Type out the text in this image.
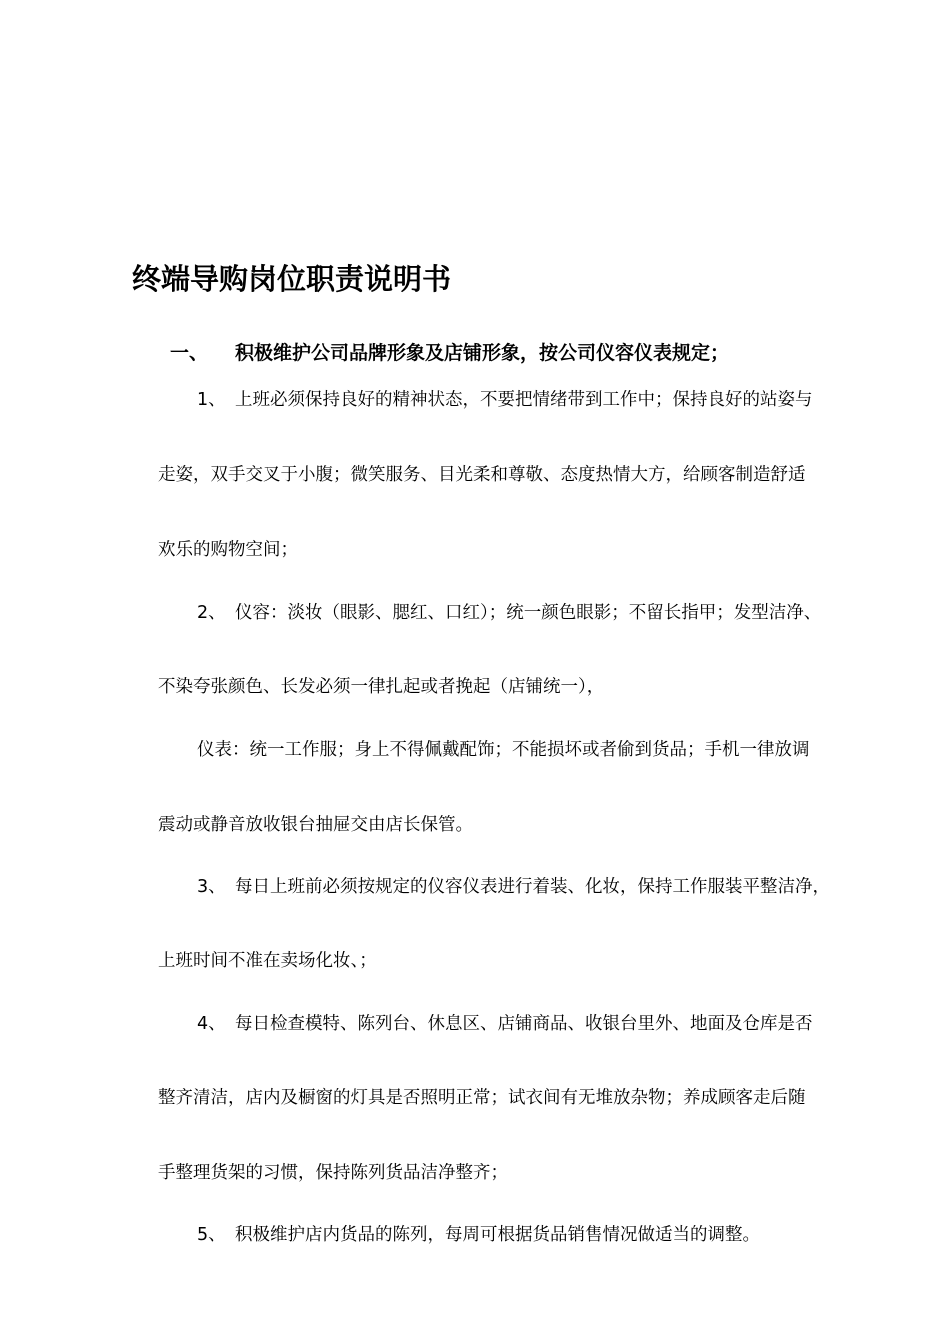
终端导购岗位职责说明书
一、 积极维护公司品牌形象及店铺形象，按公司仪容仪表规定；
1、 上班必须保持良好的精神状态，不要把情绪带到工作中；保持良好的站姿与
走姿，双手交叉于小腹；微笑服务、目光柔和尊敬、态度热情大方，给顾客制造舒适
欢乐的购物空间；
2、 仪容：淡妆（眼影、腮红、口红）；统一颜色眼影；不留长指甲；发型洁净、
不染夸张颜色、长发必须一律扎起或者挽起（店铺统一），
仪表：统一工作服；身上不得佩戴配饰；不能损坏或者偷到货品；手机一律放调
震动或静音放收银台抽屉交由店长保管。
3、 每日上班前必须按规定的仪容仪表进行着装、化妆，保持工作服装平整洁净，
上班时间不准在卖场化妆、；
4、 每日检查模特、陈列台、休息区、店铺商品、收银台里外、地面及仓库是否
整齐清洁，店内及橱窗的灯具是否照明正常；试衣间有无堆放杂物；养成顾客走后随
手整理货架的习惯，保持陈列货品洁净整齐；
5、 积极维护店内货品的陈列，每周可根据货品销售情况做适当的调整。
